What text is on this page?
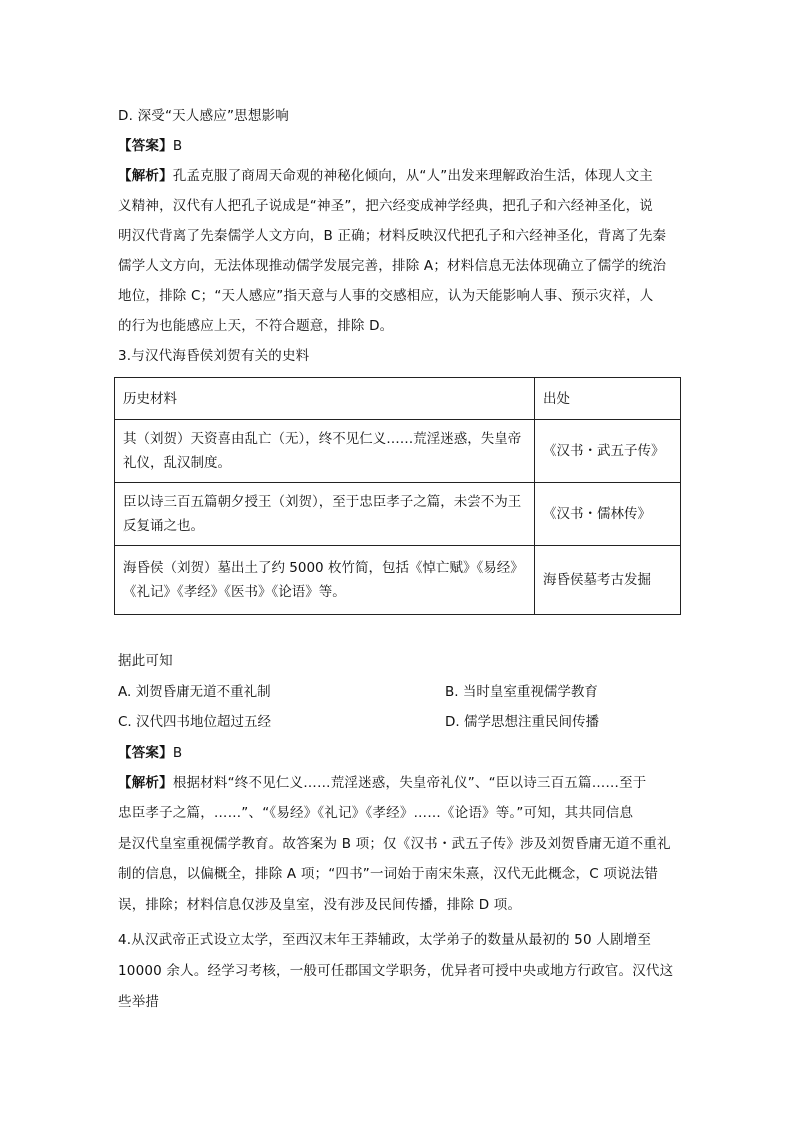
D. 深受“天人感应”思想影响
【答案】B
【解析】孔孟克服了商周天命观的神秘化倾向，从“人”出发来理解政治生活，体现人文主
义精神，汉代有人把孔子说成是“神圣”，把六经变成神学经典，把孔子和六经神圣化，说
明汉代背离了先秦儒学人文方向，B 正确；材料反映汉代把孔子和六经神圣化，背离了先秦
儒学人文方向，无法体现推动儒学发展完善，排除 A；材料信息无法体现确立了儒学的统治
地位，排除 C；“天人感应”指天意与人事的交感相应，认为天能影响人事、预示灾祥，人
的行为也能感应上天，不符合题意，排除 D。
3.与汉代海昏侯刘贺有关的史料
历史材料	出处

其（刘贺）天资喜由乱亡（无），终不见仁义……荒淫迷惑，失皇帝
礼仪，乱汉制度。	《汉书・武五子传》

臣以诗三百五篇朝夕授王（刘贺），至于忠臣孝子之篇，未尝不为王
反复诵之也。	《汉书・儒林传》

海昏侯（刘贺）墓出土了约 5000 枚竹简，包括《悼亡赋》《易经》
《礼记》《孝经》《医书》《论语》等。	海昏侯墓考古发掘
据此可知
A. 刘贺昏庸无道不重礼制	B. 当时皇室重视儒学教育
C. 汉代四书地位超过五经	D. 儒学思想注重民间传播
【答案】B
【解析】根据材料“终不见仁义……荒淫迷惑，失皇帝礼仪”、“臣以诗三百五篇……至于
忠臣孝子之篇，……”、“《易经》《礼记》《孝经》……《论语》等。”可知，其共同信息
是汉代皇室重视儒学教育。故答案为 B 项；仅《汉书・武五子传》涉及刘贺昏庸无道不重礼
制的信息，以偏概全，排除 A 项；“四书”一词始于南宋朱熹，汉代无此概念，C 项说法错
误，排除；材料信息仅涉及皇室，没有涉及民间传播，排除 D 项。
4.从汉武帝正式设立太学，至西汉末年王莽辅政，太学弟子的数量从最初的 50 人剧增至
10000 余人。经学习考核，一般可任郡国文学职务，优异者可授中央或地方行政官。汉代这
些举措
